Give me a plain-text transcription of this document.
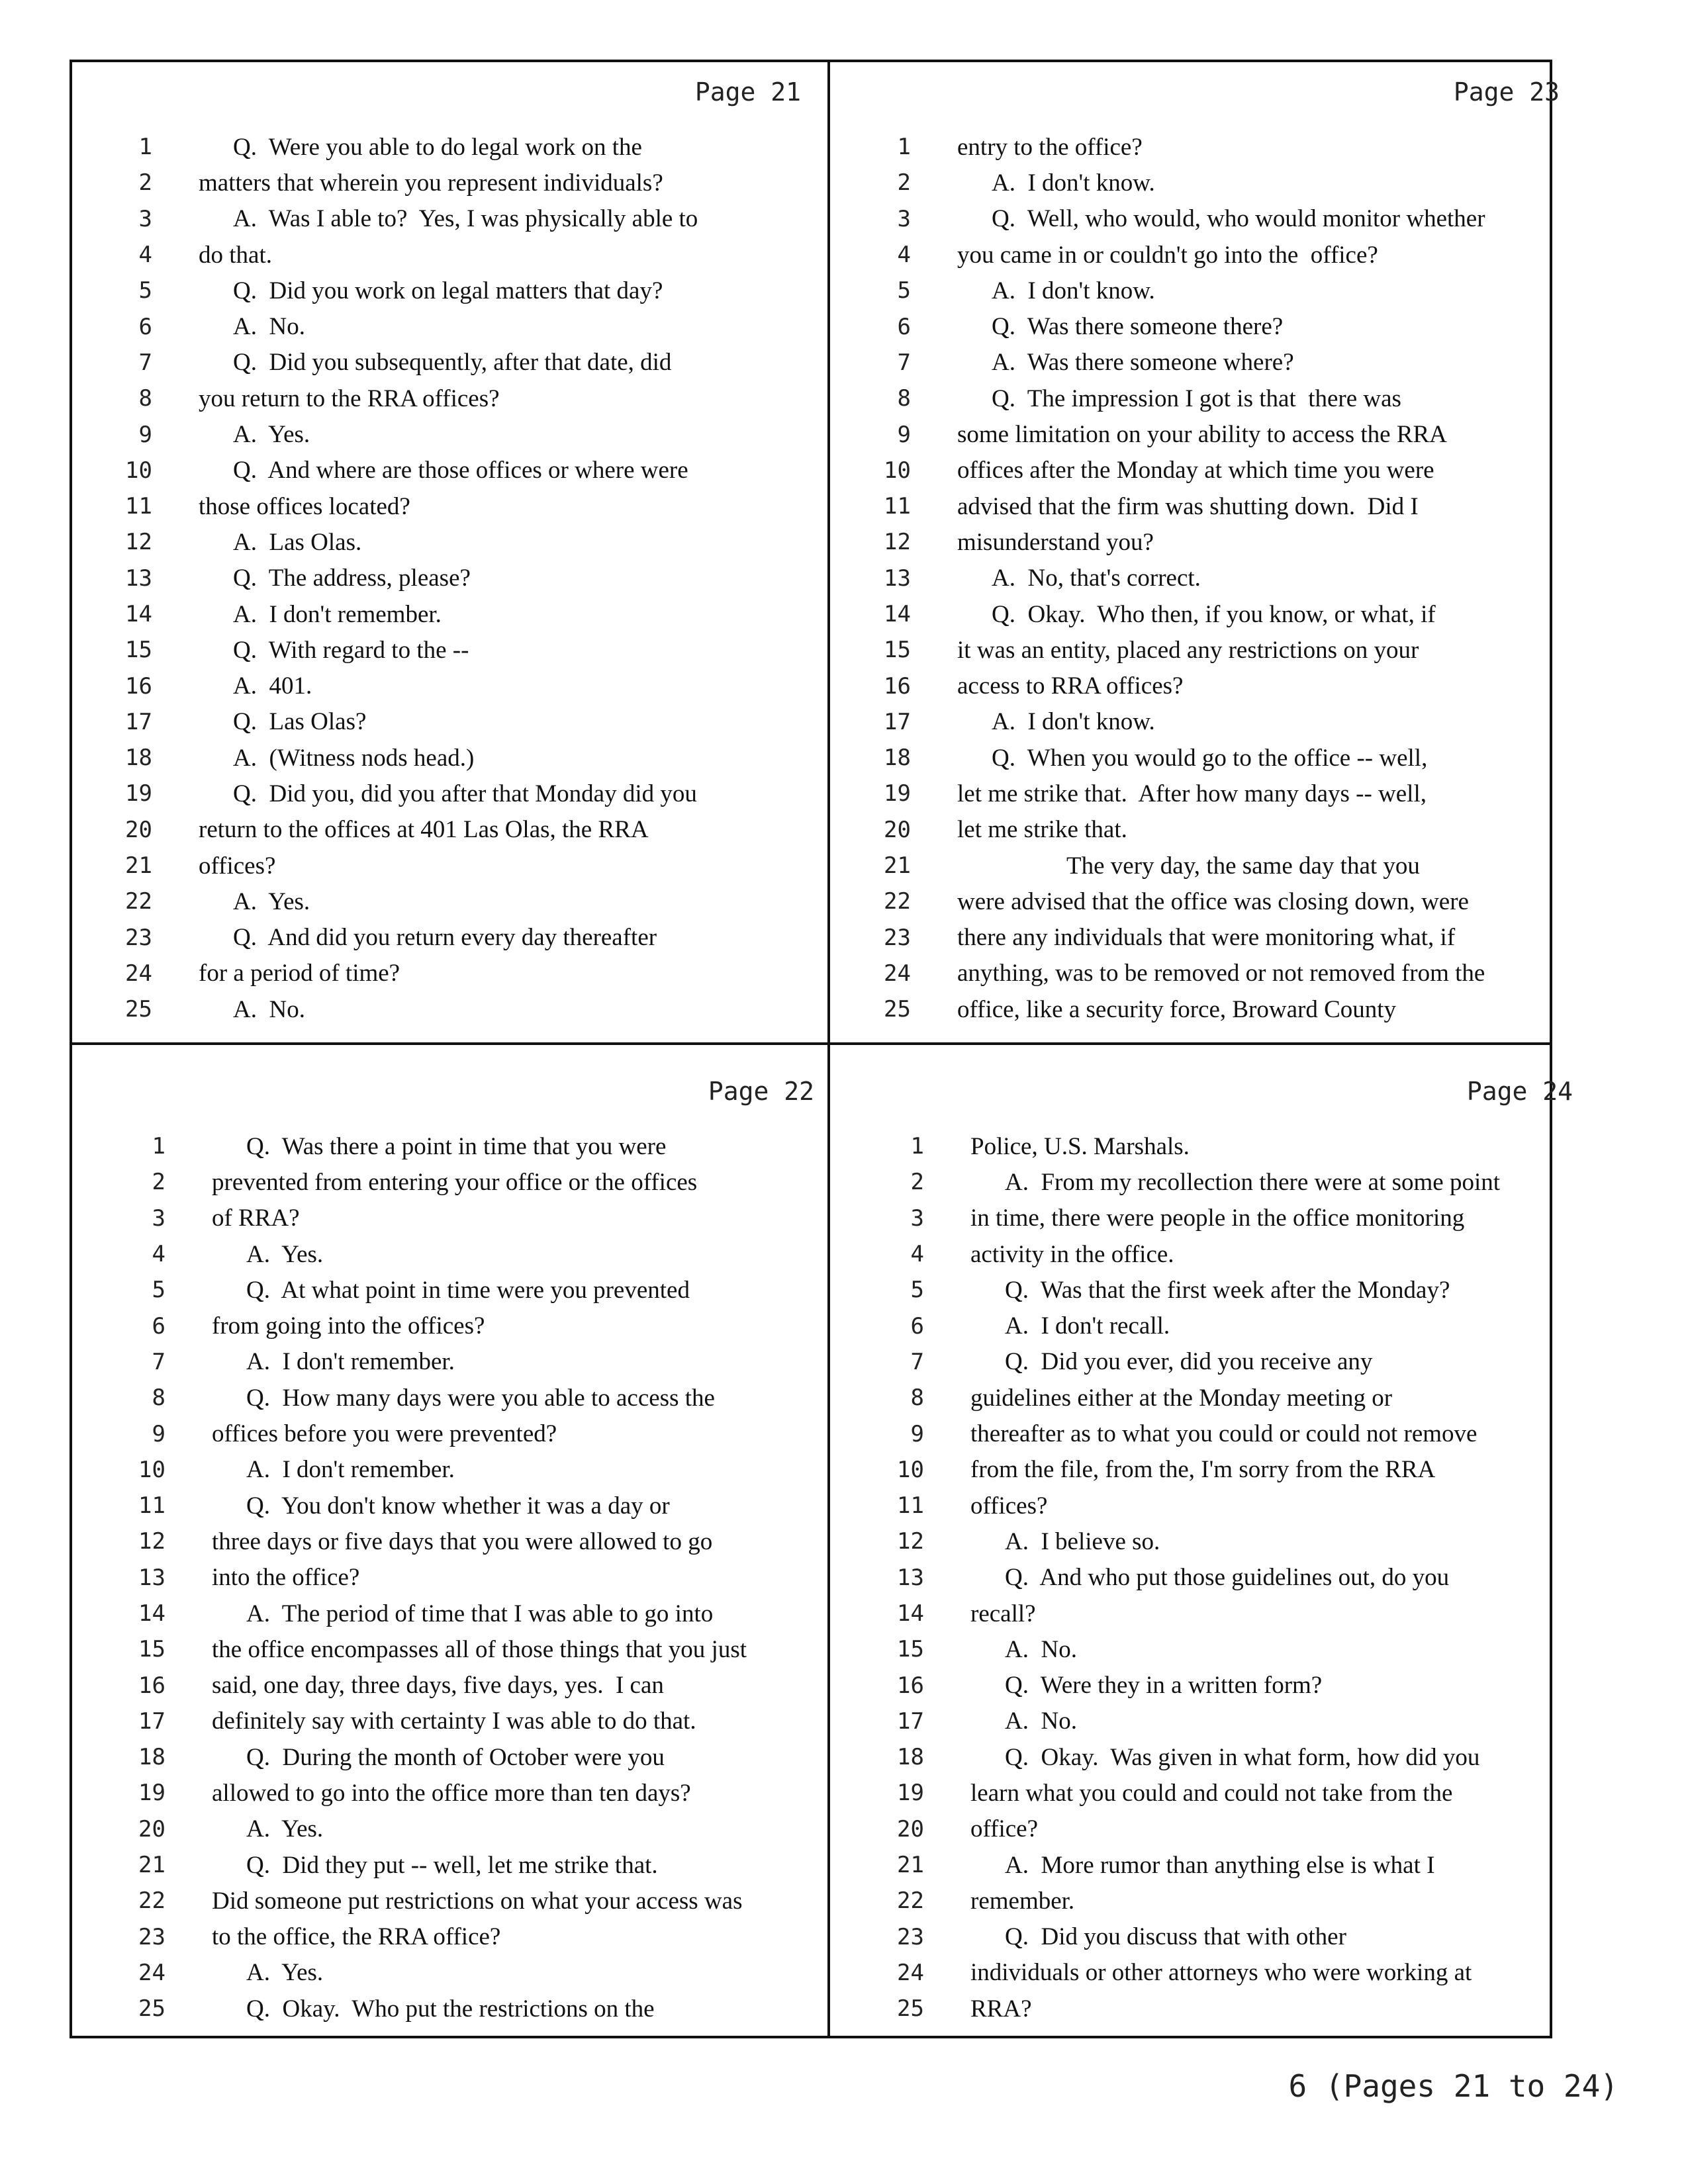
Page 21
1	Q.  Were you able to do legal work on the
2 matters that wherein you represent individuals?
3	A.  Was I able to?  Yes, I was physically able to
4 do that.
5	Q.  Did you work on legal matters that day?
6	A.  No.
7	Q.  Did you subsequently, after that date, did
8 you return to the RRA offices?
9	A.  Yes.
10	Q.  And where are those offices or where were
11 those offices located?
12	A.  Las Olas.
13	Q.  The address, please?
14	A.  I don't remember.
15	Q.  With regard to the --
16	A.  401.
17	Q.  Las Olas?
18	A.  (Witness nods head.)
19	Q.  Did you, did you after that Monday did you
20 return to the offices at 401 Las Olas, the RRA
21 offices?
22	A.  Yes.
23	Q.  And did you return every day thereafter
24 for a period of time?
25	A.  No.
Page 23
1 entry to the office?
2	A.  I don't know.
3	Q.  Well, who would, who would monitor whether
4 you came in or couldn't go into the  office?
5	A.  I don't know.
6	Q.  Was there someone there?
7	A.  Was there someone where?
8	Q.  The impression I got is that  there was
9 some limitation on your ability to access the RRA
10 offices after the Monday at which time you were
11 advised that the firm was shutting down.  Did I
12 misunderstand you?
13	A.  No, that's correct.
14	Q.  Okay.  Who then, if you know, or what, if
15 it was an entity, placed any restrictions on your
16 access to RRA offices?
17	A.  I don't know.
18	Q.  When you would go to the office -- well,
19 let me strike that.  After how many days -- well,
20 let me strike that.
21	The very day, the same day that you
22 were advised that the office was closing down, were
23 there any individuals that were monitoring what, if
24 anything, was to be removed or not removed from the
25 office, like a security force, Broward County
Page 22
1	Q.  Was there a point in time that you were
2 prevented from entering your office or the offices
3 of RRA?
4	A.  Yes.
5	Q.  At what point in time were you prevented
6 from going into the offices?
7	A.  I don't remember.
8	Q.  How many days were you able to access the
9 offices before you were prevented?
10	A.  I don't remember.
11	Q.  You don't know whether it was a day or
12 three days or five days that you were allowed to go
13 into the office?
14	A.  The period of time that I was able to go into
15 the office encompasses all of those things that you just
16 said, one day, three days, five days, yes.  I can
17 definitely say with certainty I was able to do that.
18	Q.  During the month of October were you
19 allowed to go into the office more than ten days?
20	A.  Yes.
21	Q.  Did they put -- well, let me strike that.
22 Did someone put restrictions on what your access was
23 to the office, the RRA office?
24	A.  Yes.
25	Q.  Okay.  Who put the restrictions on the
Page 24
1 Police, U.S. Marshals.
2	A.  From my recollection there were at some point
3 in time, there were people in the office monitoring
4 activity in the office.
5	Q.  Was that the first week after the Monday?
6	A.  I don't recall.
7	Q.  Did you ever, did you receive any
8 guidelines either at the Monday meeting or
9 thereafter as to what you could or could not remove
10 from the file, from the, I'm sorry from the RRA
11 offices?
12	A.  I believe so.
13	Q.  And who put those guidelines out, do you
14 recall?
15	A.  No.
16	Q.  Were they in a written form?
17	A.  No.
18	Q.  Okay.  Was given in what form, how did you
19 learn what you could and could not take from the
20 office?
21	A.  More rumor than anything else is what I
22 remember.
23	Q.  Did you discuss that with other
24 individuals or other attorneys who were working at
25 RRA?
6 (Pages 21 to 24)
